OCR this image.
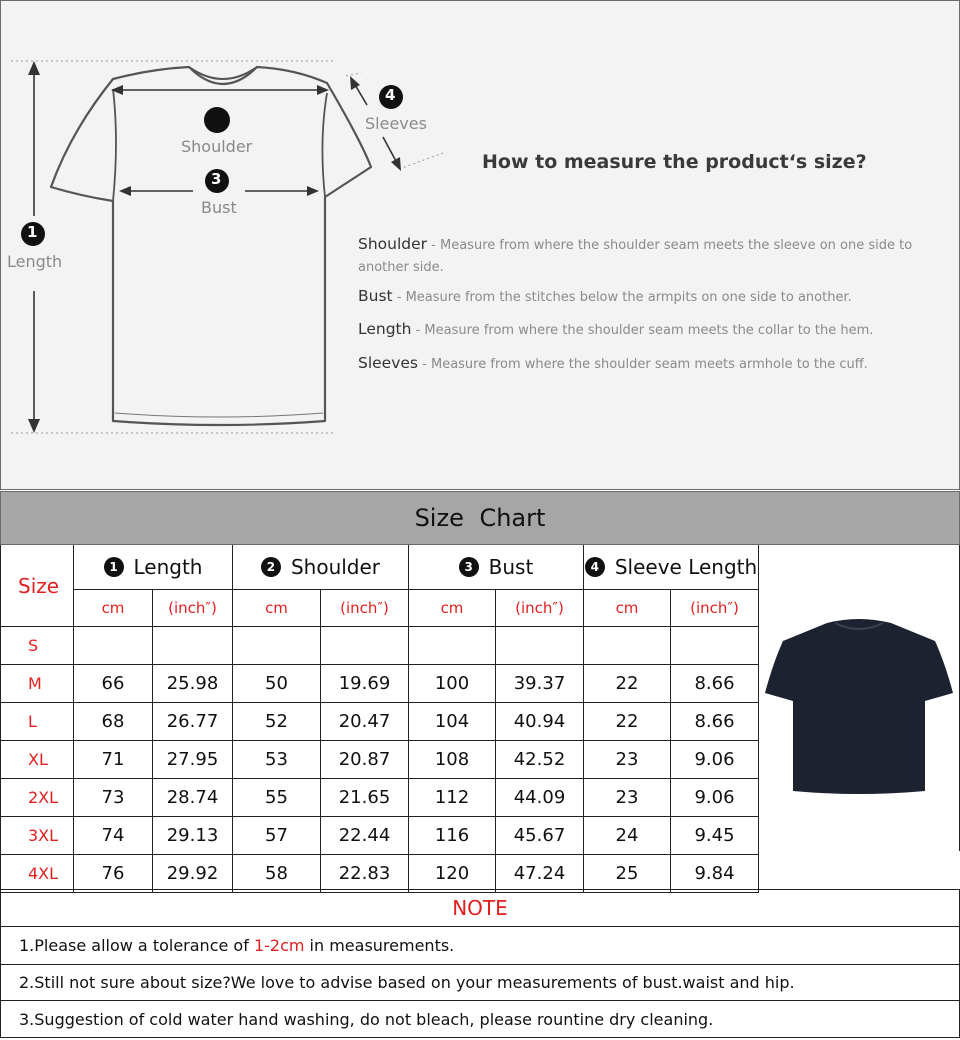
1
Length
Shoulder
3
Bust
4
Sleeves
How to measure the product‘s size?
Shoulder - Measure from where the shoulder seam meets the sleeve on one side to another side.
Bust - Measure from the stitches below the armpits on one side to another.
Length - Measure from where the shoulder seam meets the collar to the hem.
Sleeves - Measure from where the shoulder seam meets armhole to the cuff.
Size Chart
Size
1 Length	2 Shoulder	3 Bust	4 Sleeve Length
cm	(inch″)	cm	(inch″)	cm	(inch″)	cm	(inch″)
S
M	66	25.98	50	19.69	100	39.37	22	8.66
L	68	26.77	52	20.47	104	40.94	22	8.66
XL	71	27.95	53	20.87	108	42.52	23	9.06
2XL	73	28.74	55	21.65	112	44.09	23	9.06
3XL	74	29.13	57	22.44	116	45.67	24	9.45
4XL	76	29.92	58	22.83	120	47.24	25	9.84
NOTE
1.Please allow a tolerance of 1-2cm in measurements.
2.Still not sure about size?We love to advise based on your measurements of bust.waist and hip.
3.Suggestion of cold water hand washing, do not bleach, please rountine dry cleaning.
